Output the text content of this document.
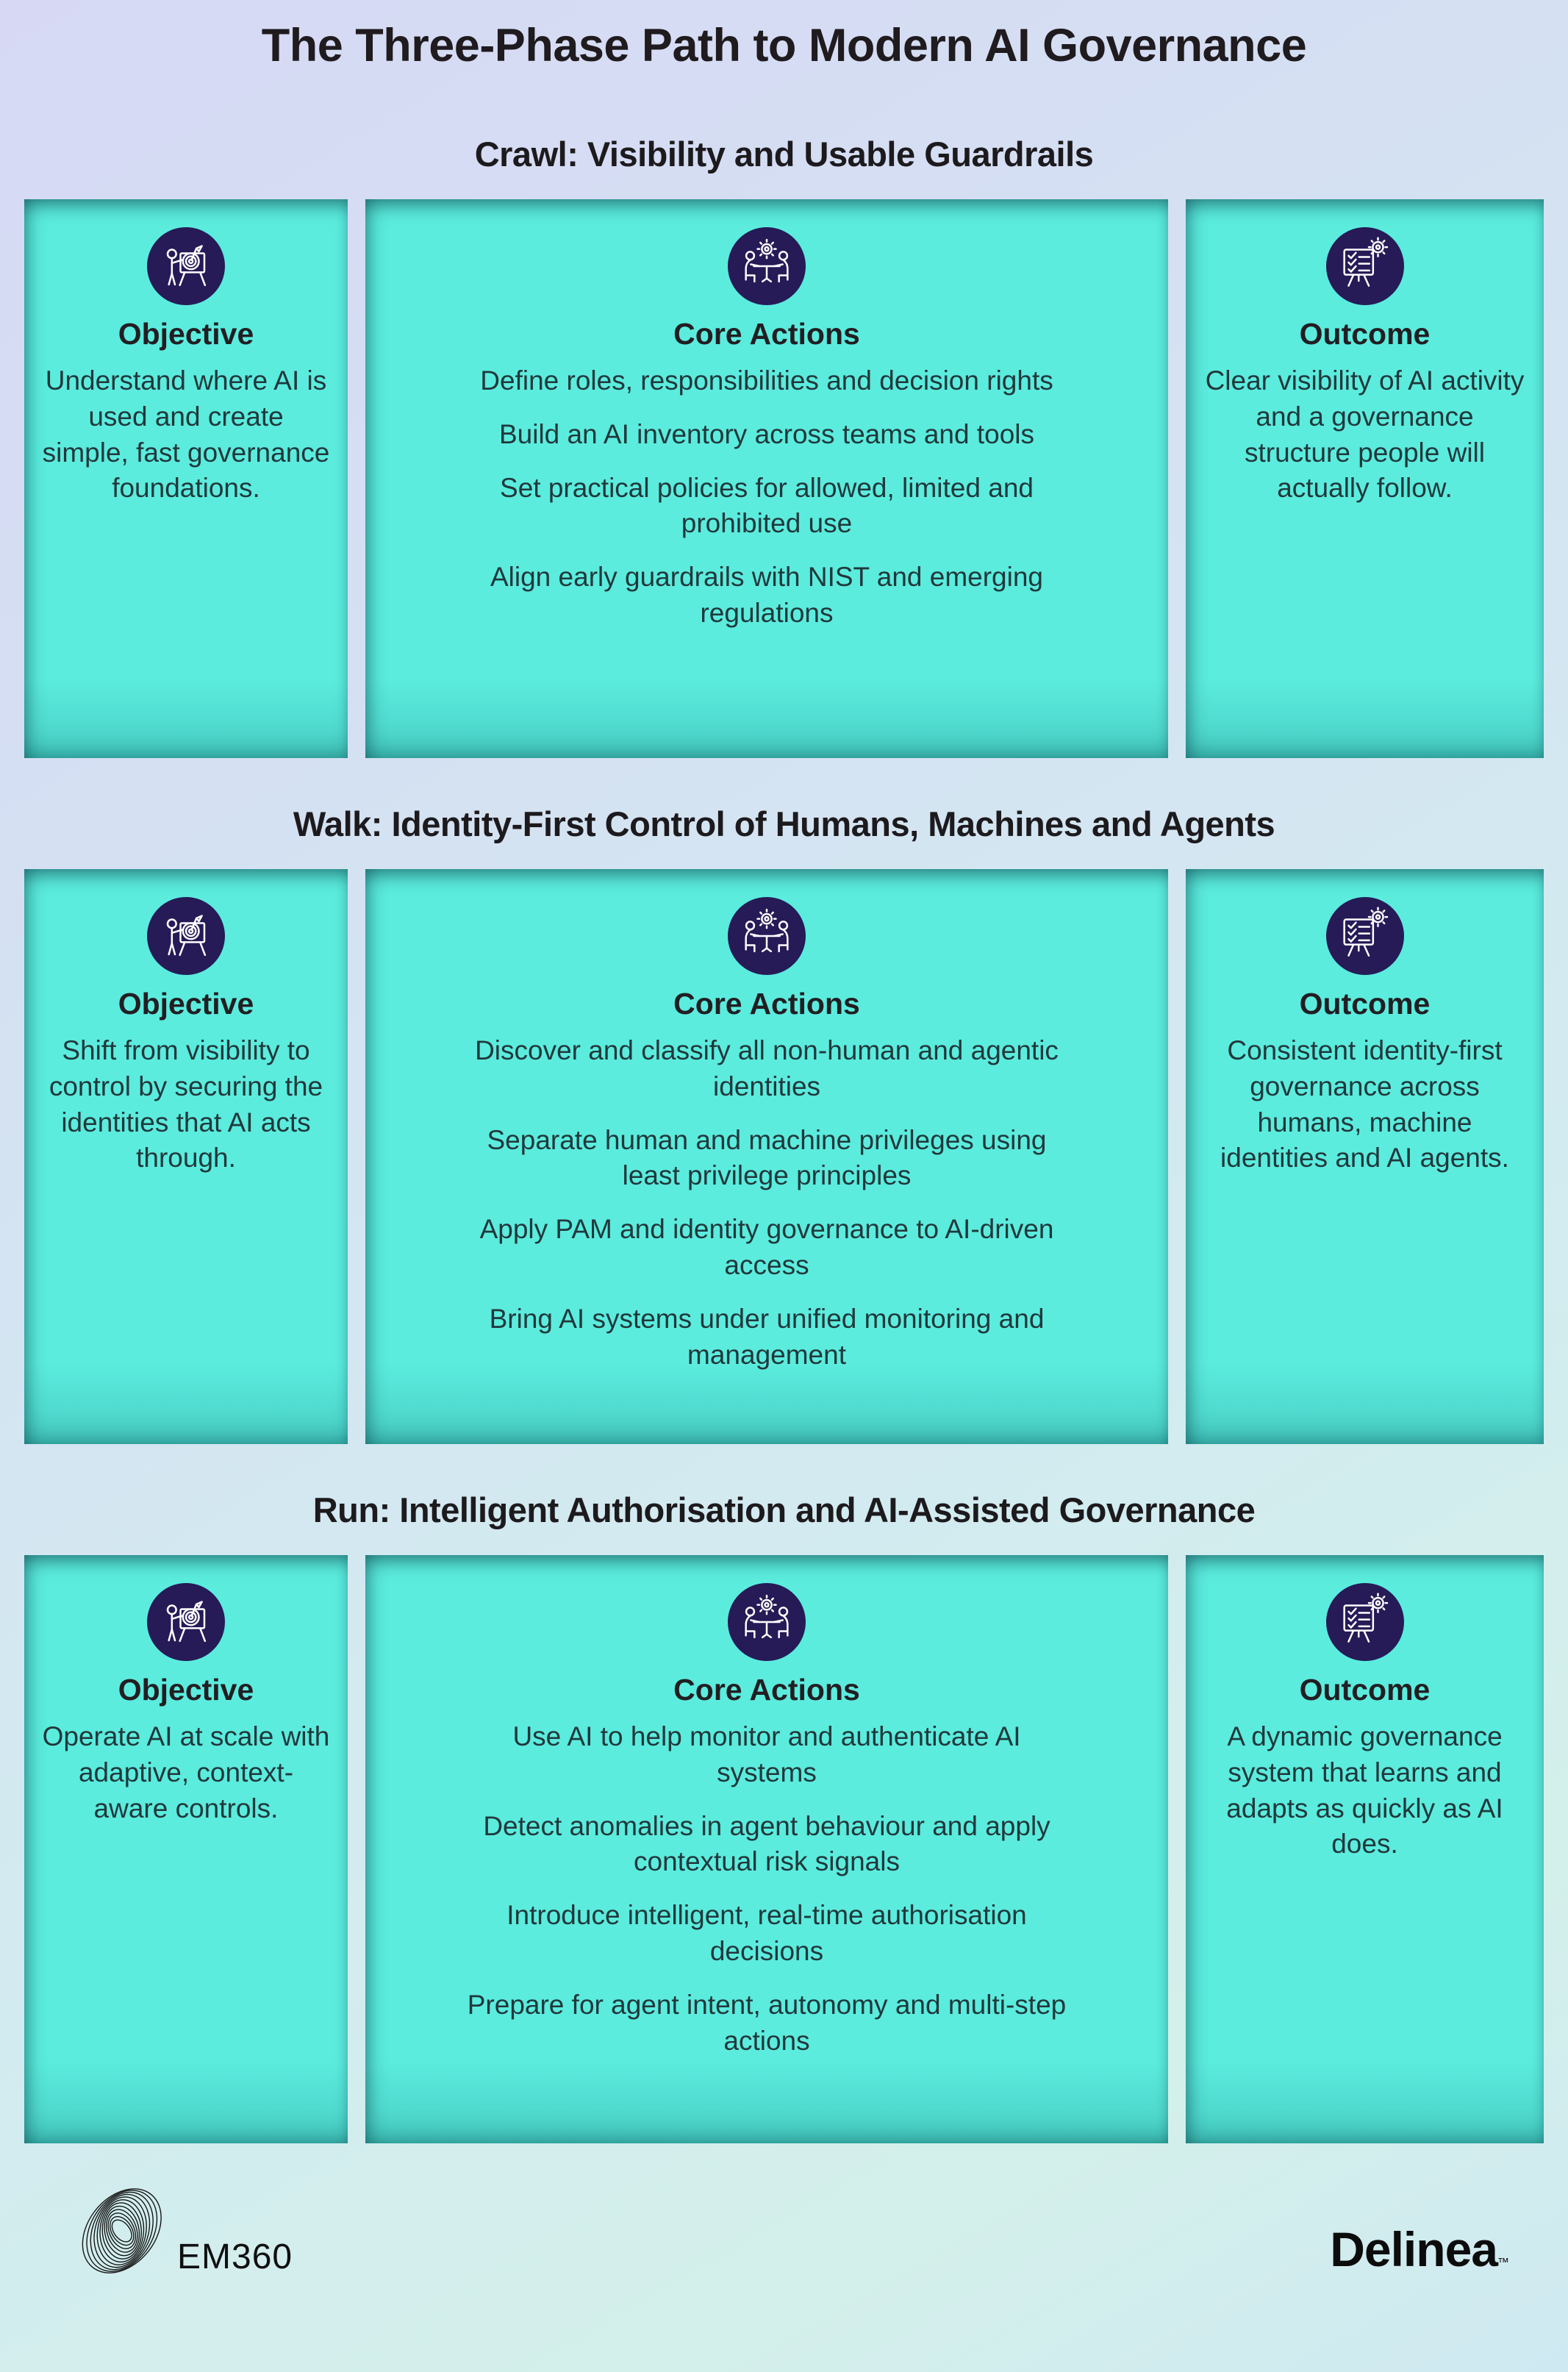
The Three-Phase Path to Modern AI Governance
Crawl: Visibility and Usable Guardrails
Objective

Understand where AI is used and create simple, fast governance foundations.

Core Actions

Define roles, responsibilities and decision rights

Build an AI inventory across teams and tools

Set practical policies for allowed, limited and prohibited use

Align early guardrails with NIST and emerging regulations

Outcome

Clear visibility of AI activity and a governance structure people will actually follow.

Walk: Identity-First Control of Humans, Machines and Agents
Objective

Shift from visibility to control by securing the identities that AI acts through.

Core Actions

Discover and classify all non-human and agentic identities

Separate human and machine privileges using least privilege principles

Apply PAM and identity governance to AI-driven access

Bring AI systems under unified monitoring and management

Outcome

Consistent identity-first governance across humans, machine identities and AI agents.

Run: Intelligent Authorisation and AI-Assisted Governance
Objective

Operate AI at scale with adaptive, context-aware controls.

Core Actions

Use AI to help monitor and authenticate AI systems

Detect anomalies in agent behaviour and apply contextual risk signals

Introduce intelligent, real-time authorisation decisions

Prepare for agent intent, autonomy and multi-step actions

Outcome

A dynamic governance system that learns and adapts as quickly as AI does.

EM360	Delinea™
